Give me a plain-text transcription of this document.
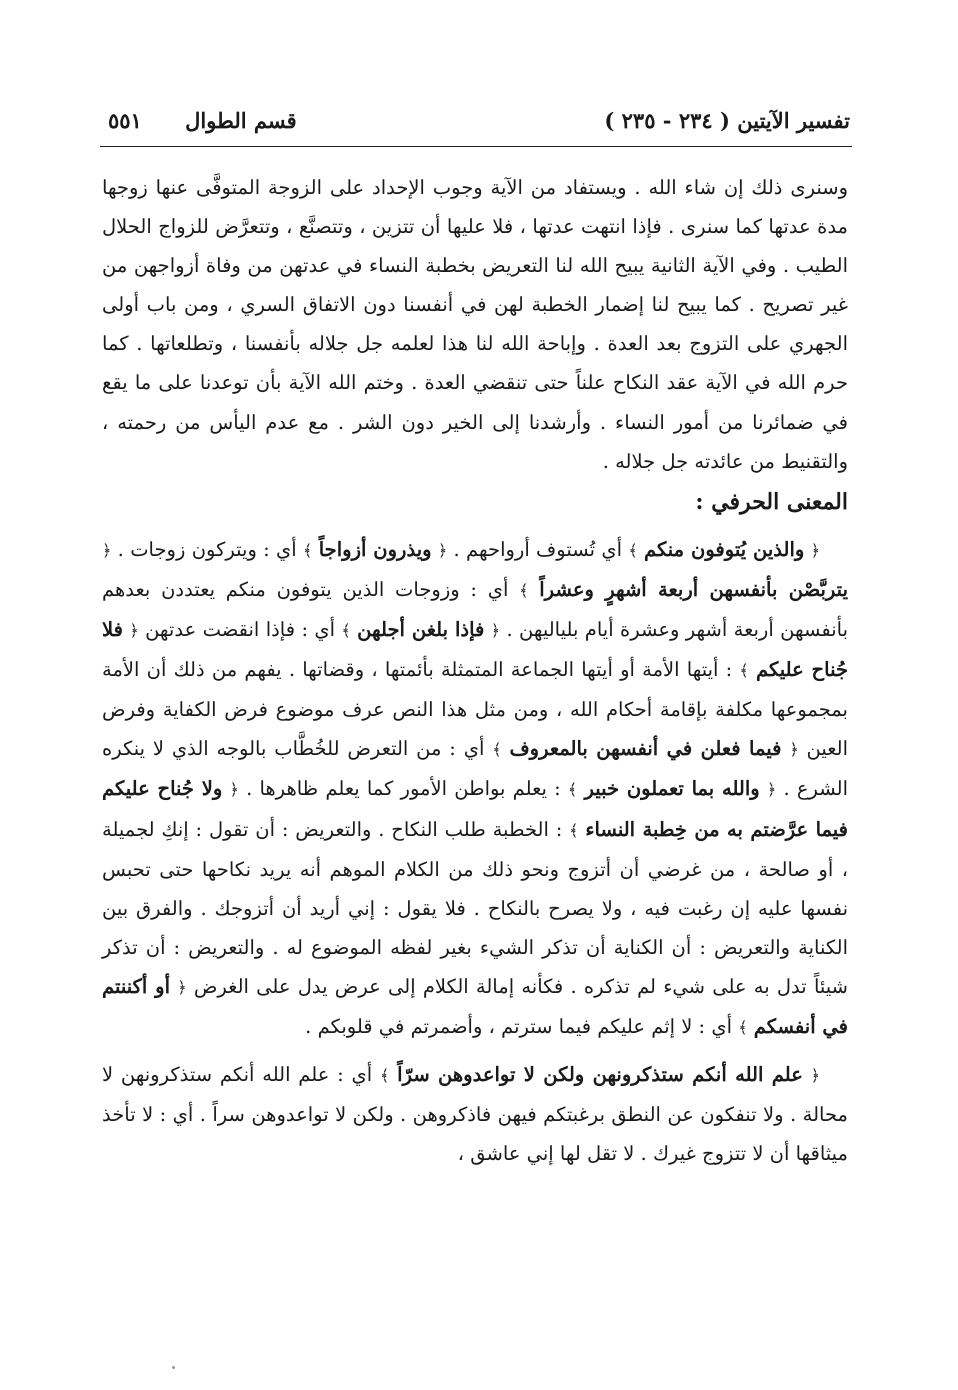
تفسير الآيتين ( ٢٣٤ - ٢٣٥ )
قسم الطوال ٥٥١

وسنرى ذلك إن شاء الله . ويستفاد من الآية وجوب الإحداد على الزوجة المتوفَّى عنها زوجها مدة عدتها كما سنرى . فإذا انتهت عدتها ، فلا عليها أن تتزين ، وتتصنَّع ، وتتعرَّض للزواج الحلال الطيب . وفي الآية الثانية يبيح الله لنا التعريض بخطبة النساء في عدتهن من وفاة أزواجهن من غير تصريح . كما يبيح لنا إضمار الخطبة لهن في أنفسنا دون الاتفاق السري ، ومن باب أولى الجهري على التزوج بعد العدة . وإباحة الله لنا هذا لعلمه جل جلاله بأنفسنا ، وتطلعاتها . كما حرم الله في الآية عقد النكاح علناً حتى تنقضي العدة . وختم الله الآية بأن توعدنا على ما يقع في ضمائرنا من أمور النساء . وأرشدنا إلى الخير دون الشر . مع عدم اليأس من رحمته ، والتقنيط من عائدته جل جلاله .

المعنى الحرفي :

﴿ والذين يُتوفون منكم ﴾ أي تُستوف أرواحهم . ﴿ ويذرون أزواجاً ﴾ أي : ويتركون زوجات . ﴿ يتربَّصْن بأنفسهن أربعة أشهرٍ وعشراً ﴾ أي : وزوجات الذين يتوفون منكم يعتددن بعدهم بأنفسهن أربعة أشهر وعشرة أيام بلياليهن . ﴿ فإذا بلغن أجلهن ﴾ أي : فإذا انقضت عدتهن ﴿ فلا جُناح عليكم ﴾ : أيتها الأمة أو أيتها الجماعة المتمثلة بأئمتها ، وقضاتها . يفهم من ذلك أن الأمة بمجموعها مكلفة بإقامة أحكام الله ، ومن مثل هذا النص عرف موضوع فرض الكفاية وفرض العين ﴿ فيما فعلن في أنفسهن بالمعروف ﴾ أي : من التعرض للخُطَّاب بالوجه الذي لا ينكره الشرع . ﴿ والله بما تعملون خبير ﴾ : يعلم بواطن الأمور كما يعلم ظاهرها . ﴿ ولا جُناح عليكم فيما عرَّضتم به من خِطبة النساء ﴾ : الخطبة طلب النكاح . والتعريض : أن تقول : إنكِ لجميلة ، أو صالحة ، من غرضي أن أتزوج ونحو ذلك من الكلام الموهم أنه يريد نكاحها حتى تحبس نفسها عليه إن رغبت فيه ، ولا يصرح بالنكاح . فلا يقول : إني أريد أن أتزوجك . والفرق بين الكناية والتعريض : أن الكناية أن تذكر الشيء بغير لفظه الموضوع له . والتعريض : أن تذكر شيئاً تدل به على شيء لم تذكره . فكأنه إمالة الكلام إلى عرض يدل على الغرض ﴿ أو أكننتم في أنفسكم ﴾ أي : لا إثم عليكم فيما سترتم ، وأضمرتم في قلوبكم .

﴿ علم الله أنكم ستذكرونهن ولكن لا تواعدوهن سرّاً ﴾ أي : علم الله أنكم ستذكرونهن لا محالة . ولا تنفكون عن النطق برغبتكم فيهن فاذكروهن . ولكن لا تواعدوهن سراً . أي : لا تأخذ ميثاقها أن لا تتزوج غيرك . لا تقل لها إني عاشق ،
